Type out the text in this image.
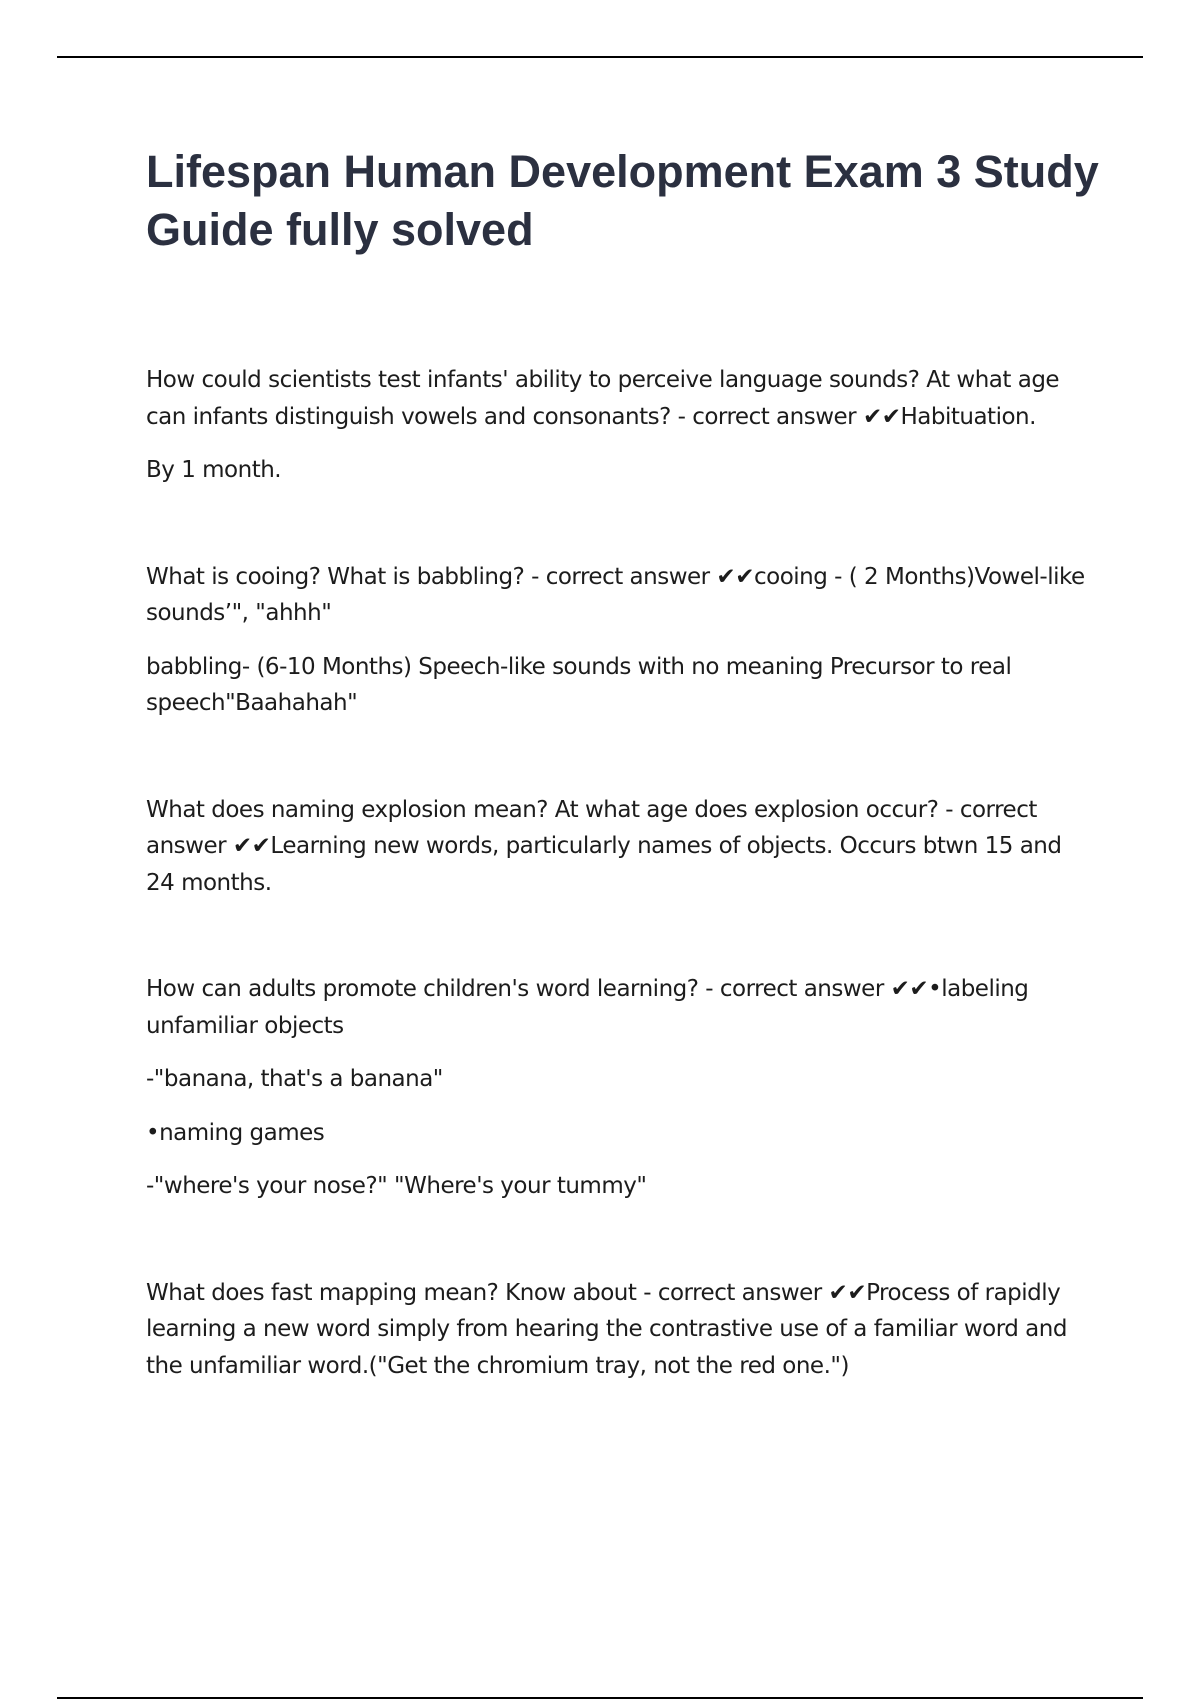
Lifespan Human Development Exam 3 Study Guide fully solved

How could scientists test infants' ability to perceive language sounds? At what age can infants distinguish vowels and consonants? - correct answer ✔✔Habituation.

By 1 month.

What is cooing? What is babbling? - correct answer ✔✔cooing - ( 2 Months)Vowel-like sounds’", "ahhh"

babbling- (6-10 Months) Speech-like sounds with no meaning Precursor to real speech"Baahahah"

What does naming explosion mean? At what age does explosion occur? - correct answer ✔✔Learning new words, particularly names of objects. Occurs btwn 15 and 24 months.

How can adults promote children's word learning? - correct answer ✔✔•labeling unfamiliar objects

-"banana, that's a banana"

•naming games

-"where's your nose?" "Where's your tummy"

What does fast mapping mean? Know about - correct answer ✔✔Process of rapidly learning a new word simply from hearing the contrastive use of a familiar word and the unfamiliar word.("Get the chromium tray, not the red one.")
